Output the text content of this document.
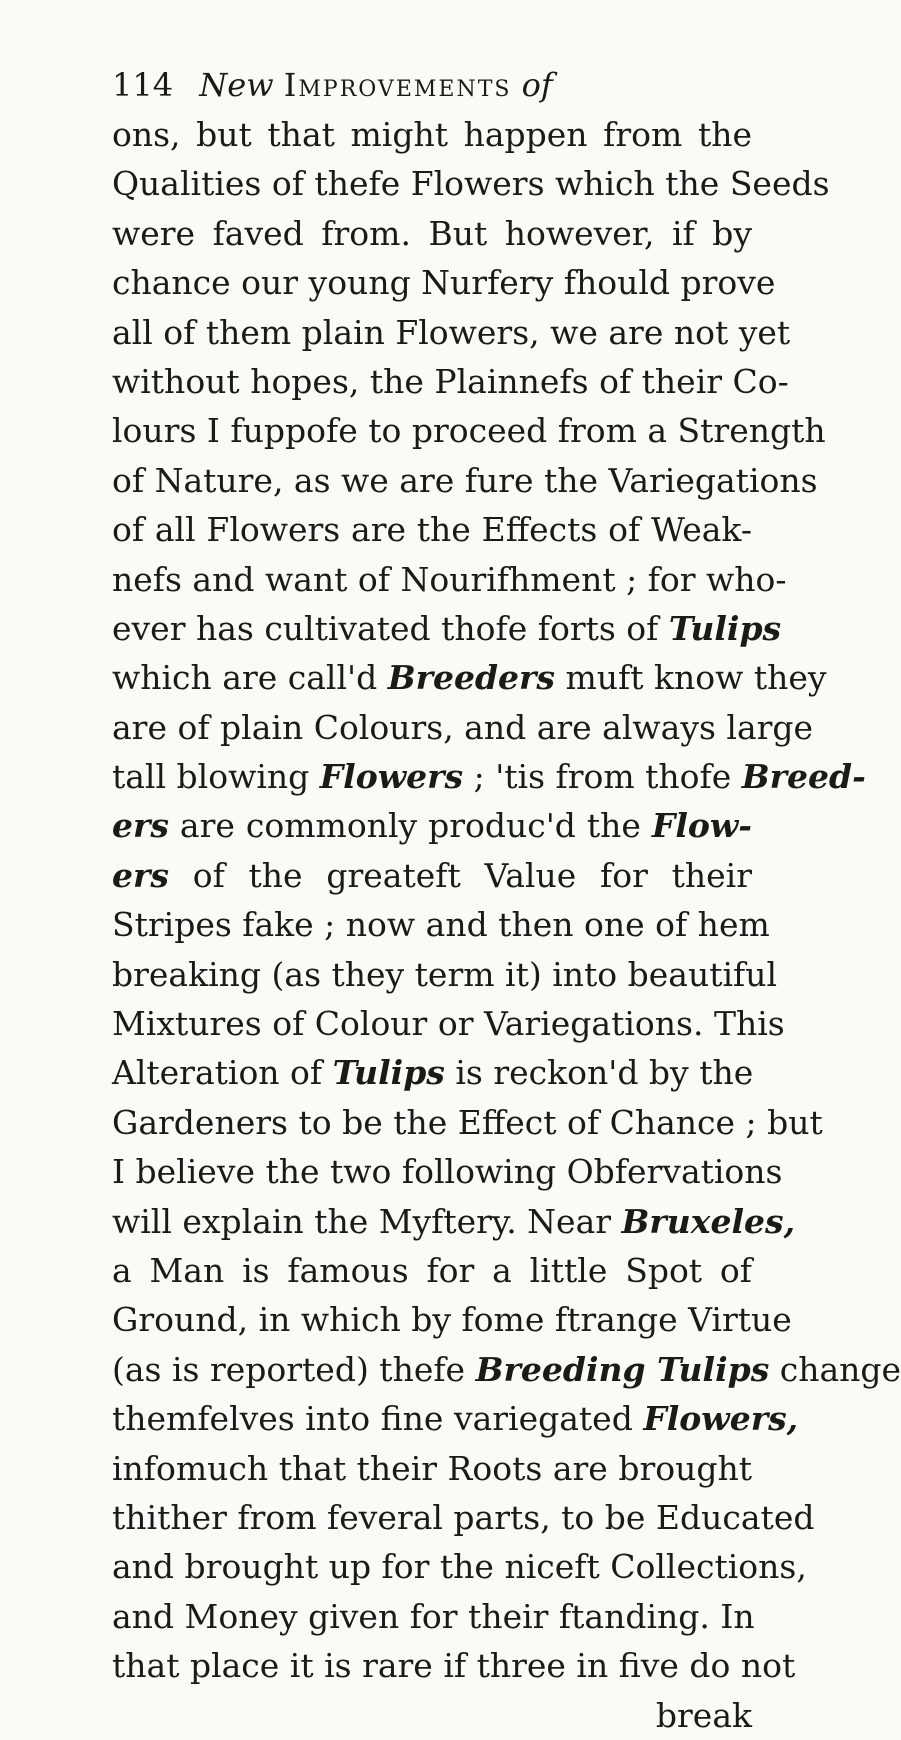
114 New Improvements of
ons, but that might happen from the
Qualities of thefe Flowers which the Seeds
were faved from. But however, if by
chance our young Nurfery fhould prove
all of them plain Flowers, we are not yet
without hopes, the Plainnefs of their Co-
lours I fuppofe to proceed from a Strength
of Nature, as we are fure the Variegations
of all Flowers are the Effects of Weak-
nefs and want of Nourifhment ; for who-
ever has cultivated thofe forts of Tulips
which are call'd Breeders muft know they
are of plain Colours, and are always large
tall blowing Flowers ; 'tis from thofe Breed-
ers are commonly produc'd the Flow-
ers of the greateft Value for their
Stripes fake ; now and then one of hem
breaking (as they term it) into beautiful
Mixtures of Colour or Variegations. This
Alteration of Tulips is reckon'd by the
Gardeners to be the Effect of Chance ; but
I believe the two following Obfervations
will explain the Myftery. Near Bruxeles,
a Man is famous for a little Spot of
Ground, in which by fome ftrange Virtue
(as is reported) thefe Breeding Tulips change
themfelves into fine variegated Flowers,
infomuch that their Roots are brought
thither from feveral parts, to be Educated
and brought up for the niceft Collections,
and Money given for their ftanding. In
that place it is rare if three in five do not
break
